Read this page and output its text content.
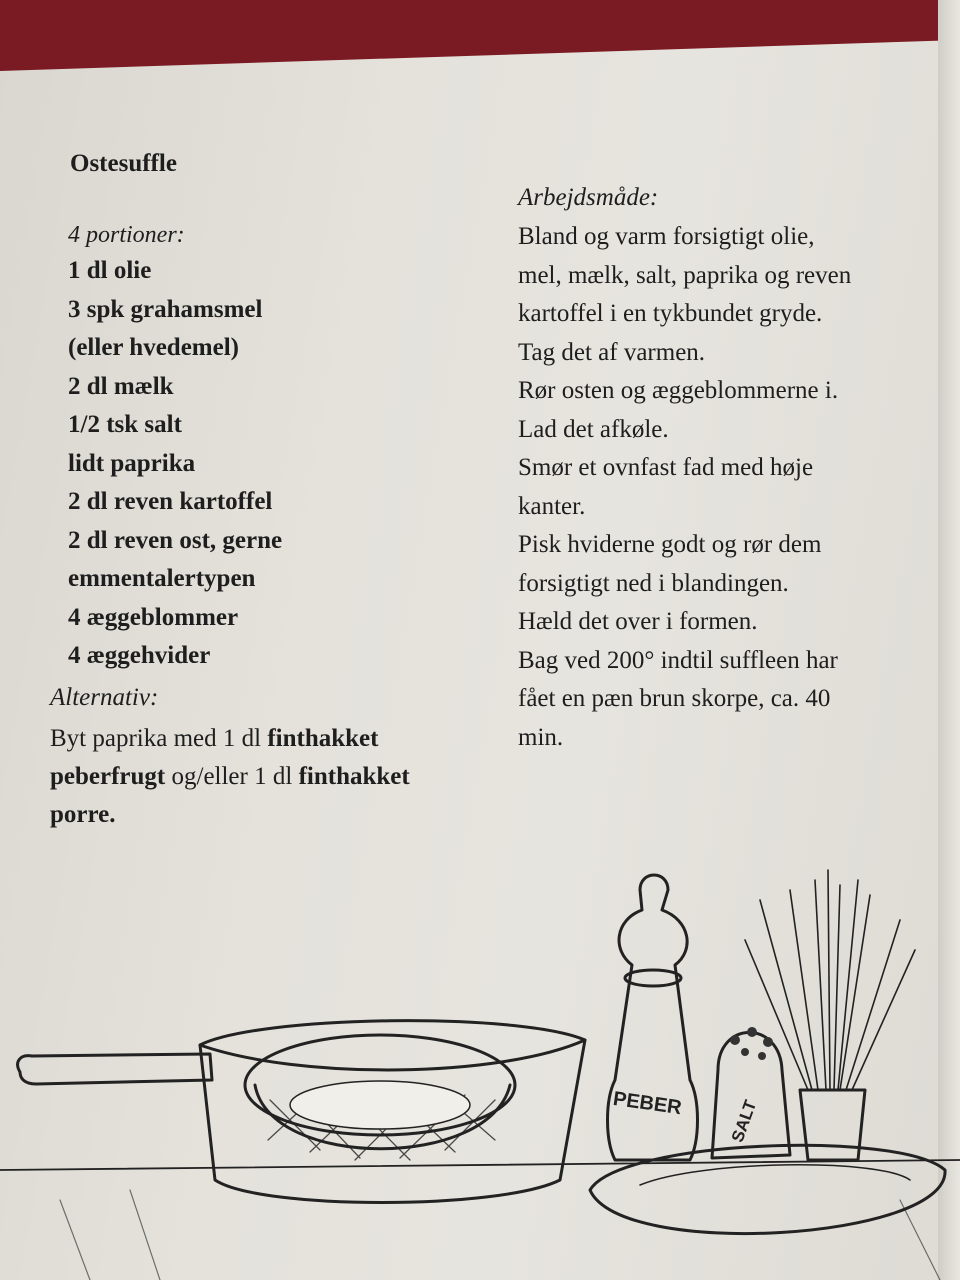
Ostesuffle

4 portioner:

1 dl olie
3 spk grahamsmel
(eller hvedemel)
2 dl mælk
1/2 tsk salt
lidt paprika
2 dl reven kartoffel
2 dl reven ost, gerne
emmentalertypen
4 æggeblommer
4 æggehvider
Alternativ:
Byt paprika med 1 dl finthakket peberfrugt og/eller 1 dl finthakket porre.

Arbejdsmåde:

Bland og varm forsigtigt olie,

mel, mælk, salt, paprika og reven

kartoffel i en tykbundet gryde.

Tag det af varmen.

Rør osten og æggeblommerne i.

Lad det afkøle.

Smør et ovnfast fad med høje

kanter.

Pisk hviderne godt og rør dem

forsigtigt ned i blandingen.

Hæld det over i formen.

Bag ved 200° indtil suffleen har

fået en pæn brun skorpe, ca. 40

min.

PEBER	SALT
